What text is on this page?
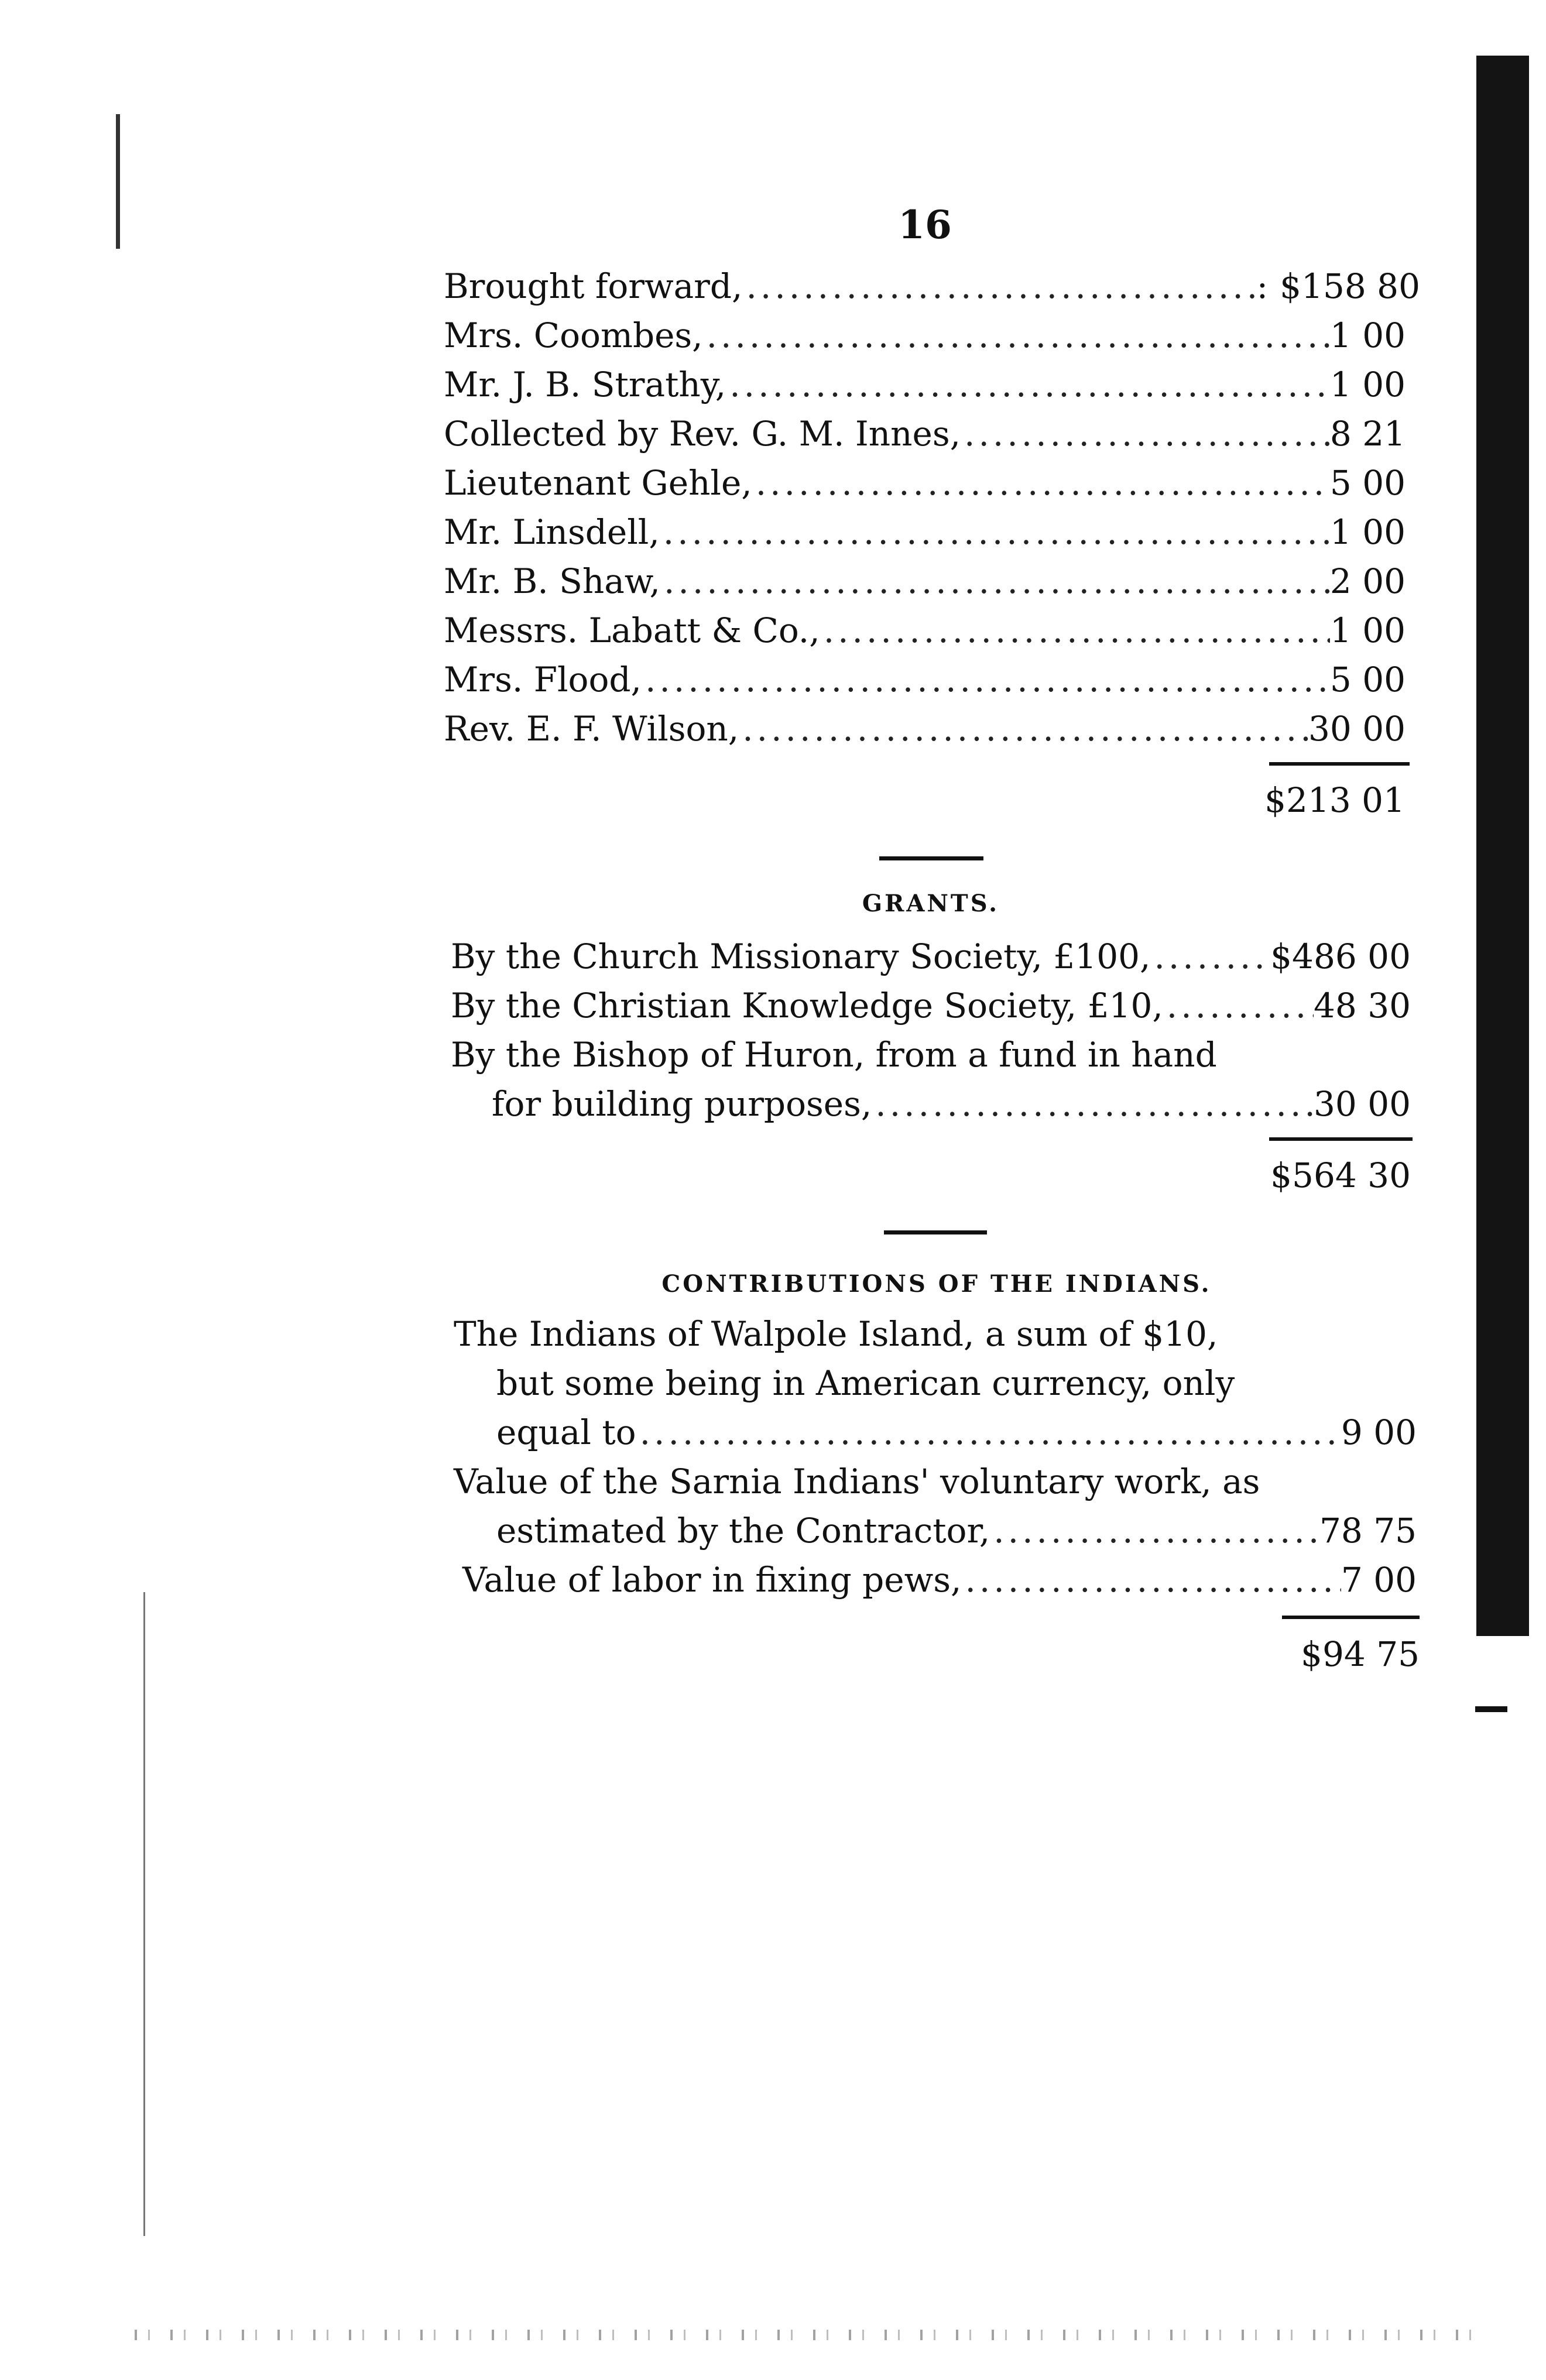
16
Brought forward, .....	: $158 80
Mrs. Coombes, .....	1 00
Mr. J. B. Strathy, .....	1 00
Collected by Rev. G. M. Innes, .....	8 21
Lieutenant Gehle, .....	5 00
Mr. Linsdell, .....	1 00
Mr. B. Shaw, .....	2 00
Messrs. Labatt & Co., .....	1 00
Mrs. Flood, .....	5 00
Rev. E. F. Wilson, .....	30 00
$213 01
GRANTS.
By the Church Missionary Society, £100, .....	$486 00
By the Christian Knowledge Society, £10, .....	48 30
By the Bishop of Huron, from a fund in hand
for building purposes, .....	30 00
$564 30
CONTRIBUTIONS OF THE INDIANS.
The Indians of Walpole Island, a sum of $10,
but some being in American currency, only
equal to .....	9 00
Value of the Sarnia Indians' voluntary work, as
estimated by the Contractor, .....	78 75
Value of labor in fixing pews, .....	7 00
$94 75
